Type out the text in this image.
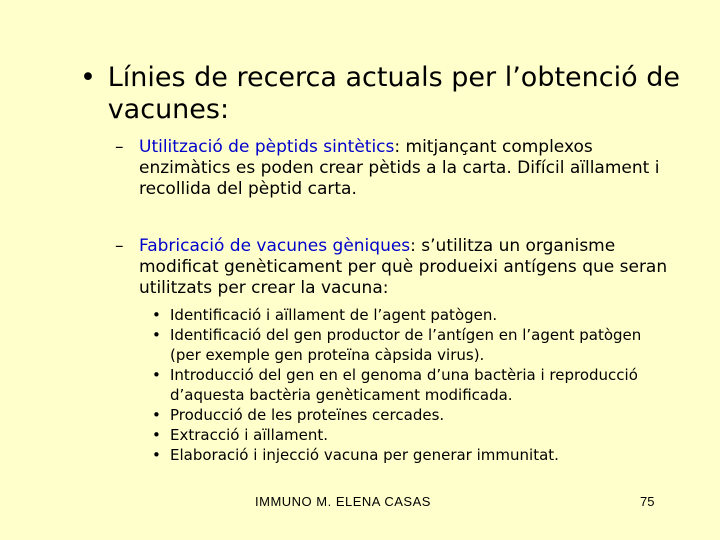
• Línies de recerca actuals per l’obtenció de vacunes:
– Utilització de pèptids sintètics: mitjançant complexos enzimàtics es poden crear pètids a la carta. Difícil aïllament i recollida del pèptid carta.
– Fabricació de vacunes gèniques: s’utilitza un organisme modificat genèticament per què produeixi antígens que seran utilitzats per crear la vacuna:
• Identificació i aïllament de l’agent patògen.
• Identificació del gen productor de l’antígen en l’agent patògen (per exemple gen proteïna càpsida virus).
• Introducció del gen en el genoma d’una bactèria i reproducció d’aquesta bactèria genèticament modificada.
• Producció de les proteïnes cercades.
• Extracció i aïllament.
• Elaboració i injecció vacuna per generar immunitat.
IMMUNO M. ELENA CASAS	75
